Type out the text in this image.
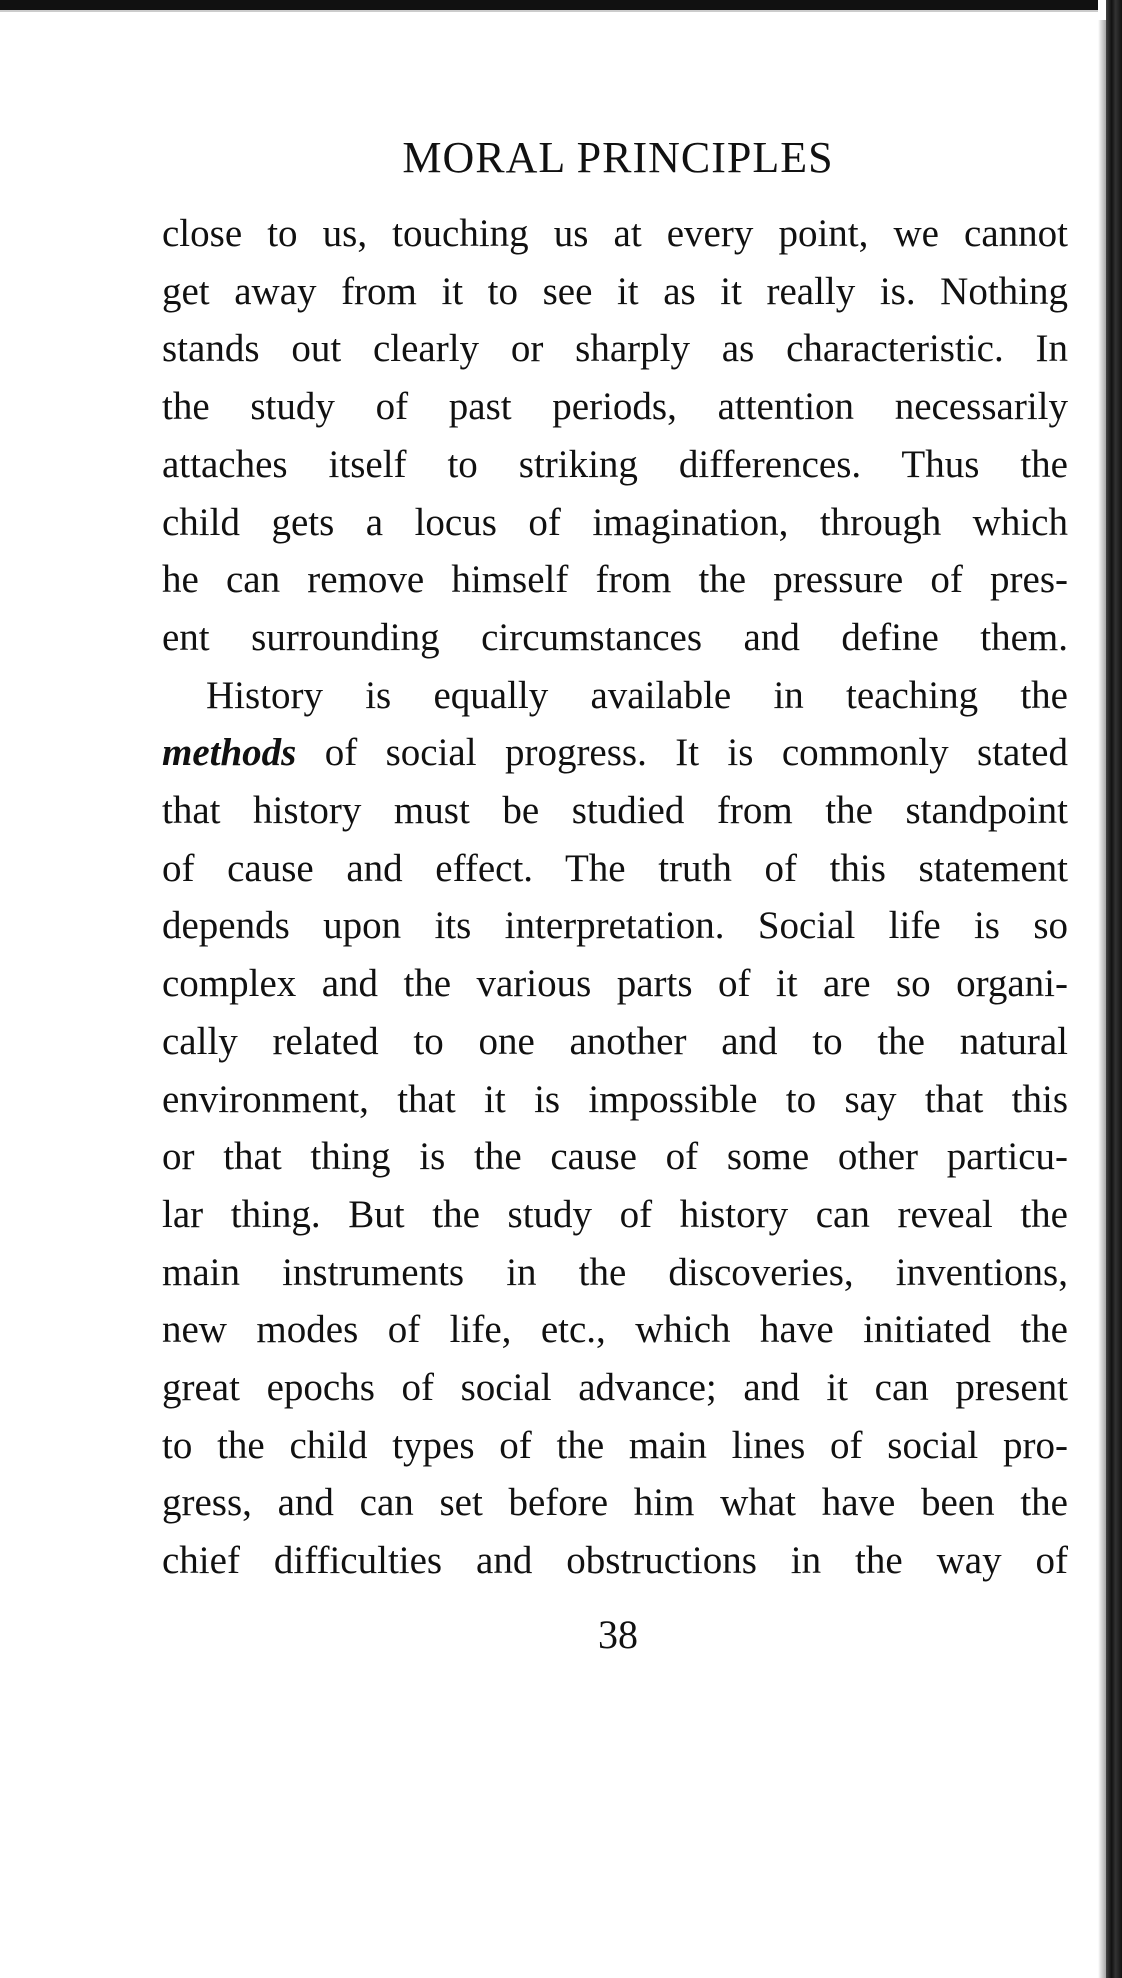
MORAL PRINCIPLES
close to us, touching us at every point, we cannot
get away from it to see it as it really is. Nothing
stands out clearly or sharply as characteristic. In
the study of past periods, attention necessarily
attaches itself to striking differences. Thus the
child gets a locus of imagination, through which
he can remove himself from the pressure of pres-
ent surrounding circumstances and define them.
History is equally available in teaching the
methods of social progress. It is commonly stated
that history must be studied from the standpoint
of cause and effect. The truth of this statement
depends upon its interpretation. Social life is so
complex and the various parts of it are so organi-
cally related to one another and to the natural
environment, that it is impossible to say that this
or that thing is the cause of some other particu-
lar thing. But the study of history can reveal the
main instruments in the discoveries, inventions,
new modes of life, etc., which have initiated the
great epochs of social advance; and it can present
to the child types of the main lines of social pro-
gress, and can set before him what have been the
chief difficulties and obstructions in the way of
38
